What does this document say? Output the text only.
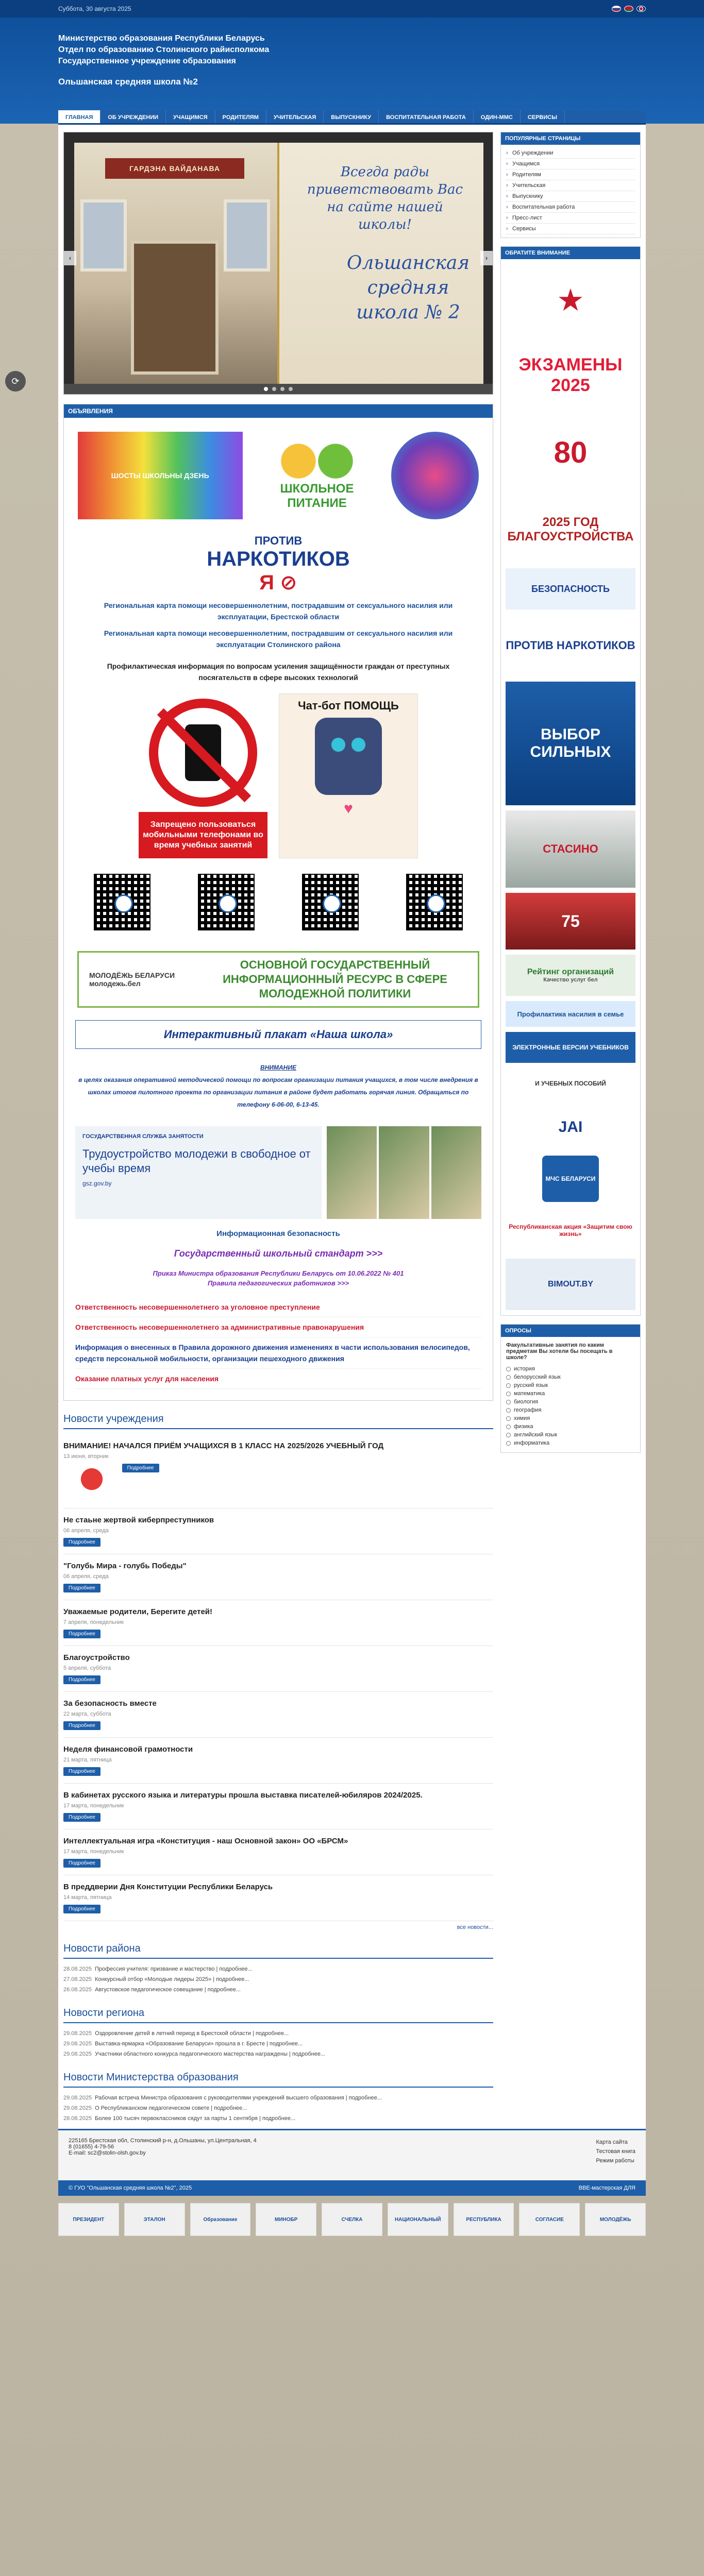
Суббота, 30 августа 2025
Министерство образования Республики Беларусь
Отдел по образованию Столинского райисполкома
Государственное учреждение образования
Ольшанская средняя школа №2
ГЛАВНАЯ	ОБ УЧРЕЖДЕНИИ	УЧАЩИМСЯ	РОДИТЕЛЯМ	УЧИТЕЛЬСКАЯ	ВЫПУСКНИКУ	ВОСПИТАТЕЛЬНАЯ РАБОТА	ОДИН-ММС	СЕРВИСЫ
ГАРДЭНА ВАЙДАНАВА	Всегда рады приветствовать Вас на сайте нашей школы!
Ольшанская средняя школа № 2
‹	›
ОБЪЯВЛЕНИЯ
ШОСТЫ ШКОЛЬНЫ ДЗЕНЬ
ШКОЛЬНОЕ ПИТАНИЕ
ПРОТИВ
НАРКОТИКОВ
Я ⊘
Региональная карта помощи несовершеннолетним, пострадавшим от сексуального насилия или эксплуатации, Брестской области
Региональная карта помощи несовершеннолетним, пострадавшим от сексуального насилия или эксплуатации Столинского района
Профилактическая информация по вопросам усиления защищённости граждан от преступных посягательств в сфере высоких технологий
Запрещено пользоваться мобильными телефонами во время учебных занятий
Чат-бот ПОМОЩЬ
♥
МОЛОДЁЖЬ БЕЛАРУСИ молодежь.бел
ОСНОВНОЙ ГОСУДАРСТВЕННЫЙ ИНФОРМАЦИОННЫЙ РЕСУРС В СФЕРЕ МОЛОДЕЖНОЙ ПОЛИТИКИ
Интерактивный плакат «Наша школа»
ВНИМАНИЕ
в целях оказания оперативной методической помощи по вопросам организации питания учащихся, в том числе внедрения в школах итогов пилотного проекта по организации питания в районе будет работать горячая линия. Обращаться по телефону 6-06-00, 6-13-45.
ГОСУДАРСТВЕННАЯ СЛУЖБА ЗАНЯТОСТИ
Трудоустройство молодежи в свободное от учебы время
gsz.gov.by
Информационная безопасность
Государственный школьный стандарт >>>
Приказ Министра образования Республики Беларусь от 10.06.2022 № 401
Правила педагогических работников >>>
Ответственность несовершеннолетнего за уголовное преступление
Ответственность несовершеннолетнего за административные правонарушения
Информация о внесенных в Правила дорожного движения изменениях в части использования велосипедов, средств персональной мобильности, организации пешеходного движения
Оказание платных услуг для населения
Новости учреждения
ВНИМАНИЕ! НАЧАЛСЯ ПРИЁМ УЧАЩИХСЯ В 1 КЛАСС НА 2025/2026 УЧЕБНЫЙ ГОД
13 июня, вторник
Подробнее
Не стаьне жертвой киберпреступников
06 апреля, среда
Подробнее
"Голубь Мира - голубь Победы"
06 апреля, среда
Подробнее
Уважаемые родители, Берегите детей!
7 апреля, понедельник
Подробнее
Благоустройство
5 апреля, суббота
Подробнее
За безопасность вместе
22 марта, суббота
Подробнее
Неделя финансовой грамотности
21 марта, пятница
Подробнее
В кабинетах русского языка и литературы прошла выставка писателей-юбиляров 2024/2025.
17 марта, понедельник
Подробнее
Интеллектуальная игра «Конституция - наш Основной закон» ОО «БРСМ»
17 марта, понедельник
Подробнее
В преддверии Дня Конституции Республики Беларусь
14 марта, пятница
Подробнее
все новости...
Новости района
28.08.2025 Профессия учителя: призвание и мастерство | подробнее...
27.08.2025 Конкурсный отбор «Молодые лидеры 2025» | подробнее...
26.08.2025 Августовское педагогическое совещание | подробнее...
Новости региона
29.08.2025 Оздоровление детей в летний период в Брестской области | подробнее...
29.08.2025 Выставка-ярмарка «Образование Беларуси» прошла в г. Бресте | подробнее...
29.08.2025 Участники областного конкурса педагогического мастерства награждены | подробнее...
Новости Министерства образования
29.08.2025 Рабочая встреча Министра образования с руководителями учреждений высшего образования | подробнее...
29.08.2025 О Республиканском педагогическом совете | подробнее...
28.08.2025 Более 100 тысяч первоклассников сядут за парты 1 сентября | подробнее...
ПОПУЛЯРНЫЕ СТРАНИЦЫ
› Об учреждении
› Учащимся
› Родителям
› Учительская
› Выпускнику
› Воспитательная работа
› Пресс-лист
› Сервисы
ОБРАТИТЕ ВНИМАНИЕ
★
ЭКЗАМЕНЫ 2025
80
2025 ГОД БЛАГОУСТРОЙСТВА
БЕЗОПАСНОСТЬ
ПРОТИВ НАРКОТИКОВ
ВЫБОР СИЛЬНЫХ
СТАСИНО
75
Рейтинг организаций
Качество услуг бел
Профилактика насилия в семье
ЭЛЕКТРОННЫЕ ВЕРСИИ УЧЕБНИКОВ
И УЧЕБНЫХ ПОСОБИЙ
JAI
МЧС БЕЛАРУСИ
Республиканская акция «Защитим свою жизнь»
BIMOUT.BY
ОПРОСЫ
Факультативные занятия по каким предметам Вы хотели бы посещать в школе?
история
белорусский язык
русский язык
математика
биология
география
химия
физика
английский язык
информатика
225165 Брестская обл, Столинский р-н, д.Ольшаны, ул.Центральная, 4
8 (01655) 4-79-56
E-mail: sc2@stolin-olsh.gov.by
Карта сайта
Тестовая книга
Режим работы
© ГУО "Ольшанская средняя школа №2", 2025	ВВЕ-мастерская ДЛЯ
ПРЕЗИДЕНТ	ЭТАЛОН	Образование	МИНОБР	СЧЕЛКА	НАЦИОНАЛЬНЫЙ	РЕСПУБЛИКА	СОГЛАСИЕ	МОЛОДЁЖЬ
⟳
